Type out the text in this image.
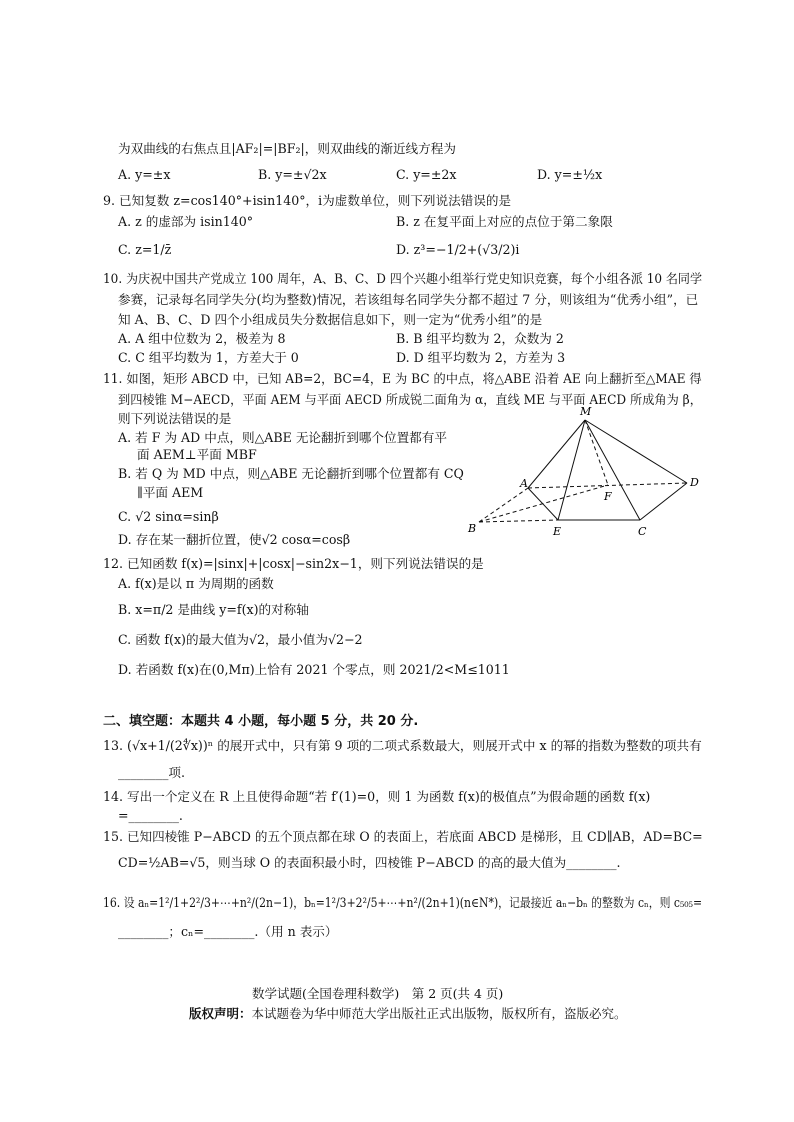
为双曲线的右焦点且|AF₂|=|BF₂|，则双曲线的渐近线方程为
A. y=±x	B. y=±√2x	C. y=±2x	D. y=±½x
9. 已知复数 z=cos140°+isin140°，i为虚数单位，则下列说法错误的是
A. z 的虚部为 isin140°	B. z 在复平面上对应的点位于第二象限
C. z=1/z̄	D. z³=−1/2+(√3/2)i
10. 为庆祝中国共产党成立 100 周年，A、B、C、D 四个兴趣小组举行党史知识竞赛，每个小组各派 10 名同学
参赛，记录每名同学失分(均为整数)情况，若该组每名同学失分都不超过 7 分，则该组为“优秀小组”，已
知 A、B、C、D 四个小组成员失分数据信息如下，则一定为“优秀小组”的是
A. A 组中位数为 2，极差为 8	B. B 组平均数为 2，众数为 2
C. C 组平均数为 1，方差大于 0	D. D 组平均数为 2，方差为 3
11. 如图，矩形 ABCD 中，已知 AB=2，BC=4，E 为 BC 的中点，将△ABE 沿着 AE 向上翻折至△MAE 得
到四棱锥 M−AECD，平面 AEM 与平面 AECD 所成锐二面角为 α，直线 ME 与平面 AECD 所成角为 β，
则下列说法错误的是
A. 若 F 为 AD 中点，则△ABE 无论翻折到哪个位置都有平
面 AEM⊥平面 MBF
B. 若 Q 为 MD 中点，则△ABE 无论翻折到哪个位置都有 CQ
∥平面 AEM
C. √2 sinα=sinβ
D. 存在某一翻折位置，使√2 cosα=cosβ
M
A	D
F
B	E	C
12. 已知函数 f(x)=|sinx|+|cosx|−sin2x−1，则下列说法错误的是
A. f(x)是以 π 为周期的函数
B. x=π/2 是曲线 y=f(x)的对称轴
C. 函数 f(x)的最大值为√2，最小值为√2−2
D. 若函数 f(x)在(0,Mπ)上恰有 2021 个零点，则 2021/2<M≤1011
二、填空题：本题共 4 小题，每小题 5 分，共 20 分.
13. (√x+1/(2∜x))ⁿ 的展开式中，只有第 9 项的二项式系数最大，则展开式中 x 的幂的指数为整数的项共有
________项.
14. 写出一个定义在 R 上且使得命题“若 f′(1)=0，则 1 为函数 f(x)的极值点”为假命题的函数 f(x)
=________.
15. 已知四棱锥 P−ABCD 的五个顶点都在球 O 的表面上，若底面 ABCD 是梯形，且 CD∥AB，AD=BC=
CD=½AB=√5，则当球 O 的表面积最小时，四棱锥 P−ABCD 的高的最大值为________.
16. 设 aₙ=1²/1+2²/3+⋯+n²/(2n−1)，bₙ=1²/3+2²/5+⋯+n²/(2n+1)(n∈N*)，记最接近 aₙ−bₙ 的整数为 cₙ，则 c₅₀₅=
________；cₙ=________.（用 n 表示）
数学试题(全国卷理科数学)　第 2 页(共 4 页)
版权声明：本试题卷为华中师范大学出版社正式出版物，版权所有，盗版必究。
